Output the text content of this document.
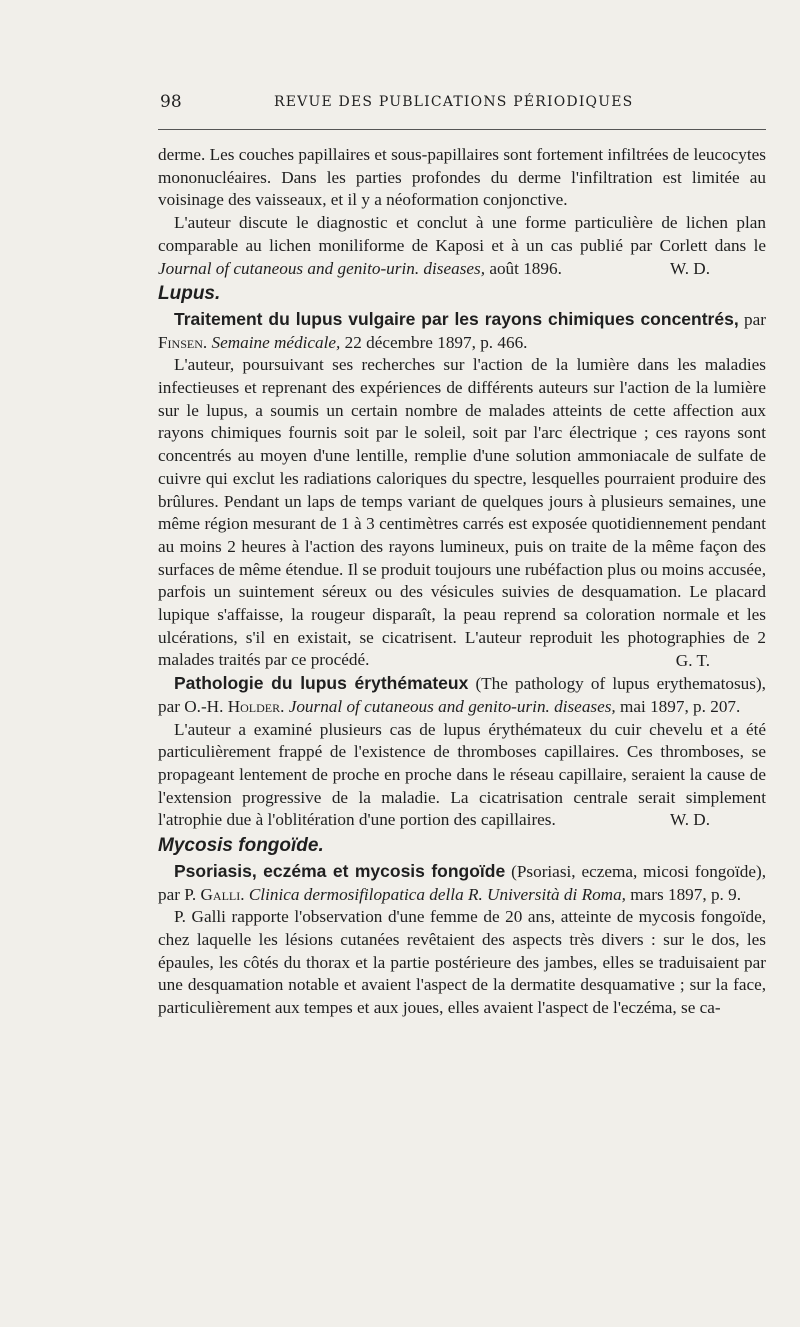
98	REVUE DES PUBLICATIONS PÉRIODIQUES

derme. Les couches papillaires et sous-papillaires sont fortement infiltrées de leucocytes mononucléaires. Dans les parties profondes du derme l'infiltration est limitée au voisinage des vaisseaux, et il y a néoformation conjonctive.

L'auteur discute le diagnostic et conclut à une forme particulière de lichen plan comparable au lichen moniliforme de Kaposi et à un cas publié par Corlett dans le Journal of cutaneous and genito-urin. diseases, août 1896.	W. D.

Lupus.

Traitement du lupus vulgaire par les rayons chimiques concentrés, par Finsen. Semaine médicale, 22 décembre 1897, p. 466.

L'auteur, poursuivant ses recherches sur l'action de la lumière dans les maladies infectieuses et reprenant des expériences de différents auteurs sur l'action de la lumière sur le lupus, a soumis un certain nombre de malades atteints de cette affection aux rayons chimiques fournis soit par le soleil, soit par l'arc électrique ; ces rayons sont concentrés au moyen d'une lentille, remplie d'une solution ammoniacale de sulfate de cuivre qui exclut les radiations caloriques du spectre, lesquelles pourraient produire des brûlures. Pendant un laps de temps variant de quelques jours à plusieurs semaines, une même région mesurant de 1 à 3 centimètres carrés est exposée quotidiennement pendant au moins 2 heures à l'action des rayons lumineux, puis on traite de la même façon des surfaces de même étendue. Il se produit toujours une rubéfaction plus ou moins accusée, parfois un suintement séreux ou des vésicules suivies de desquamation. Le placard lupique s'affaisse, la rougeur disparaît, la peau reprend sa coloration normale et les ulcérations, s'il en existait, se cicatrisent. L'auteur reproduit les photographies de 2 malades traités par ce procédé.	G. T.

Pathologie du lupus érythémateux (The pathology of lupus erythematosus), par O.-H. Holder. Journal of cutaneous and genito-urin. diseases, mai 1897, p. 207.

L'auteur a examiné plusieurs cas de lupus érythémateux du cuir chevelu et a été particulièrement frappé de l'existence de thromboses capillaires. Ces thromboses, se propageant lentement de proche en proche dans le réseau capillaire, seraient la cause de l'extension progressive de la maladie. La cicatrisation centrale serait simplement l'atrophie due à l'oblitération d'une portion des capillaires.	W. D.

Mycosis fongoïde.

Psoriasis, eczéma et mycosis fongoïde (Psoriasi, eczema, micosi fongoïde), par P. Galli. Clinica dermosifilopatica della R. Università di Roma, mars 1897, p. 9.

P. Galli rapporte l'observation d'une femme de 20 ans, atteinte de mycosis fongoïde, chez laquelle les lésions cutanées revêtaient des aspects très divers : sur le dos, les épaules, les côtés du thorax et la partie postérieure des jambes, elles se traduisaient par une desquamation notable et avaient l'aspect de la dermatite desquamative ; sur la face, particulièrement aux tempes et aux joues, elles avaient l'aspect de l'eczéma, se ca-
